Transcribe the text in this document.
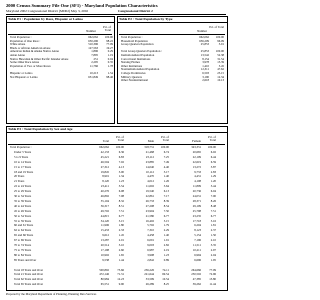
2000 Census Summary File One (SF1) - Maryland Population Characteristics
Maryland 2002 Congressional District (MD02) May 3, 2002	Congressional District 2
Table P1 : Population by Race, Hispanic or Latino
Number
Pct. of Total
Total Population :	662,062	100.00
Population of One Race :	650,296	98.22
White Alone	510,396	77.09
Black or African American Alone	127,563	19.27
American Indian & Alaska Native Alone	1,896	0.29
Asian Alone	7,895	1.19
Native Hawaiian & Other Pacific Islander Alone	251	0.04
Some Other Race Alone	2,295	0.35
Population of Two or More Races	11,766	1.78
Hispanic or Latino	10,213	1.54
Not Hispanic or Latino	651,849	98.46
Table P2 : Total Population by Type
Number
Pct. of Total
Total Population :	662,062	100.00
Household Population	636,209	96.09
Group Quarters Population	25,853	3.91
Total Group Quarters Population :	25,853	100.00
Institutionalized Population	13,542	52.38
Correctional Institutions	8,154	31.54
Nursing Homes	3,978	15.39
Other Institutions	1,410	5.45
Noninstitutionalized Population	12,311	47.62
College Dormitories	6,503	25.15
Military Quarters	3,190	12.34
Other Noninstitutional	2,618	10.13
Table P3 : Total Population by Sex and Age
Total
Pct. of Total	Male
Pct. of Total	Female
Pct. of Total
Total Population :	662,062	100.00	318,731	100.00	343,331	100.00
Under 5 Years	42,133	6.36	21,468	6.74	20,665	6.02
5 to 9 Years	45,221	6.83	23,112	7.25	22,109	6.44
10 to 14 Years	46,504	7.02	23,885	7.49	22,619	6.59
15 to 17 Years	27,312	4.13	14,040	4.40	13,272	3.87
18 and 19 Years	19,845	3.00	10,112	3.17	9,733	2.83
20 Years	8,901	1.34	4,470	1.40	4,431	1.29
21 Years	8,120	1.23	4,012	1.26	4,108	1.20
22 to 24 Years	23,411	3.54	11,602	3.64	11,809	3.44
25 to 29 Years	40,276	6.08	19,540	6.13	20,736	6.04
30 to 34 Years	46,892	7.08	22,861	7.17	24,031	7.00
35 to 39 Years	55,104	8.32	26,733	8.39	28,371	8.26
40 to 44 Years	56,317	8.51	27,208	8.54	29,109	8.48
45 to 49 Years	49,702	7.51	23,904	7.50	25,798	7.51
50 to 54 Years	44,815	6.77	21,580	6.77	23,235	6.77
55 to 59 Years	34,120	5.15	16,402	5.15	17,718	5.16
60 and 61 Years	11,906	1.80	5,702	1.79	6,204	1.81
62 to 64 Years	15,433	2.33	7,310	2.29	8,123	2.37
65 and 66 Years	9,612	1.45	4,458	1.40	5,154	1.50
67 to 69 Years	13,287	2.01	6,091	1.91	7,196	2.10
70 to 74 Years	20,514	3.10	9,003	2.82	11,511	3.35
75 to 79 Years	17,198	2.60	6,987	2.19	10,211	2.97
80 to 84 Years	10,902	1.65	3,908	1.23	6,994	2.04
85 Years and Over	9,538	1.44	2,842	0.89	6,696	1.95
Total 18 Years and Over	500,892	75.66	236,226	74.11	264,666	77.09
Total 21 Years and Over	472,146	71.31	221,644	69.54	250,502	72.96
Total 62 Years and Over	80,984	12.23	33,599	10.54	47,385	13.80
Total 65 Years and Over	65,551	9.90	26,289	8.25	39,262	11.44
Prepared by the Maryland Department of Planning, Planning Data Services
